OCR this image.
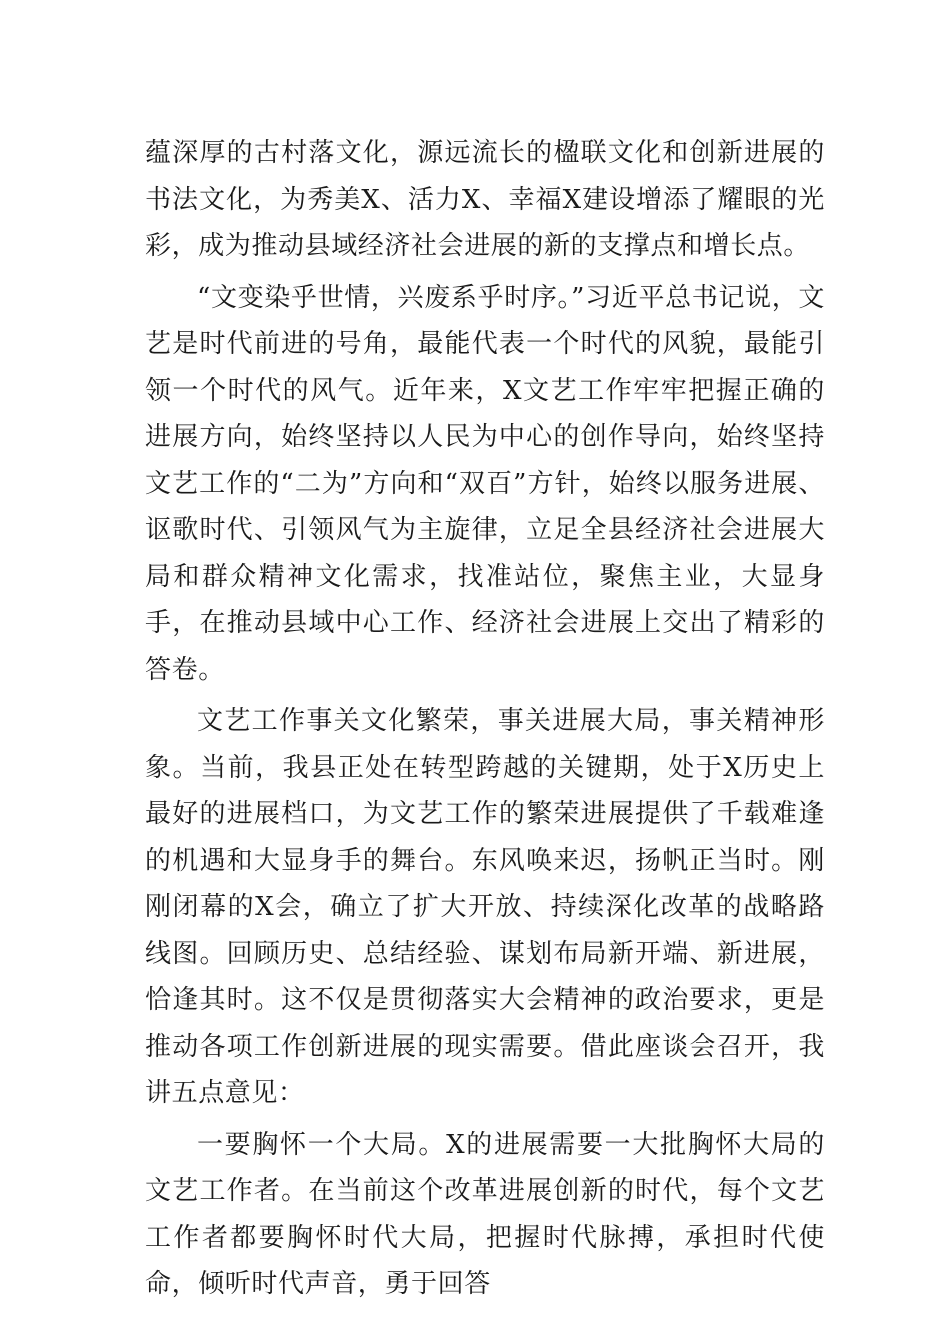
蕴深厚的古村落文化，源远流长的楹联文化和创新进展的书法文化，为秀美X、活力X、幸福X建设增添了耀眼的光彩，成为推动县域经济社会进展的新的支撑点和增长点。

“文变染乎世情，兴废系乎时序。”习近平总书记说，文艺是时代前进的号角，最能代表一个时代的风貌，最能引领一个时代的风气。近年来，X文艺工作牢牢把握正确的进展方向，始终坚持以人民为中心的创作导向，始终坚持文艺工作的“二为”方向和“双百”方针，始终以服务进展、讴歌时代、引领风气为主旋律，立足全县经济社会进展大局和群众精神文化需求，找准站位，聚焦主业，大显身手，在推动县域中心工作、经济社会进展上交出了精彩的答卷。

文艺工作事关文化繁荣，事关进展大局，事关精神形象。当前，我县正处在转型跨越的关键期，处于X历史上最好的进展档口，为文艺工作的繁荣进展提供了千载难逢的机遇和大显身手的舞台。东风唤来迟，扬帆正当时。刚刚闭幕的X会，确立了扩大开放、持续深化改革的战略路线图。回顾历史、总结经验、谋划布局新开端、新进展，恰逢其时。这不仅是贯彻落实大会精神的政治要求，更是推动各项工作创新进展的现实需要。借此座谈会召开，我讲五点意见：

一要胸怀一个大局。X的进展需要一大批胸怀大局的文艺工作者。在当前这个改革进展创新的时代，每个文艺工作者都要胸怀时代大局，把握时代脉搏，承担时代使命，倾听时代声音，勇于回答
